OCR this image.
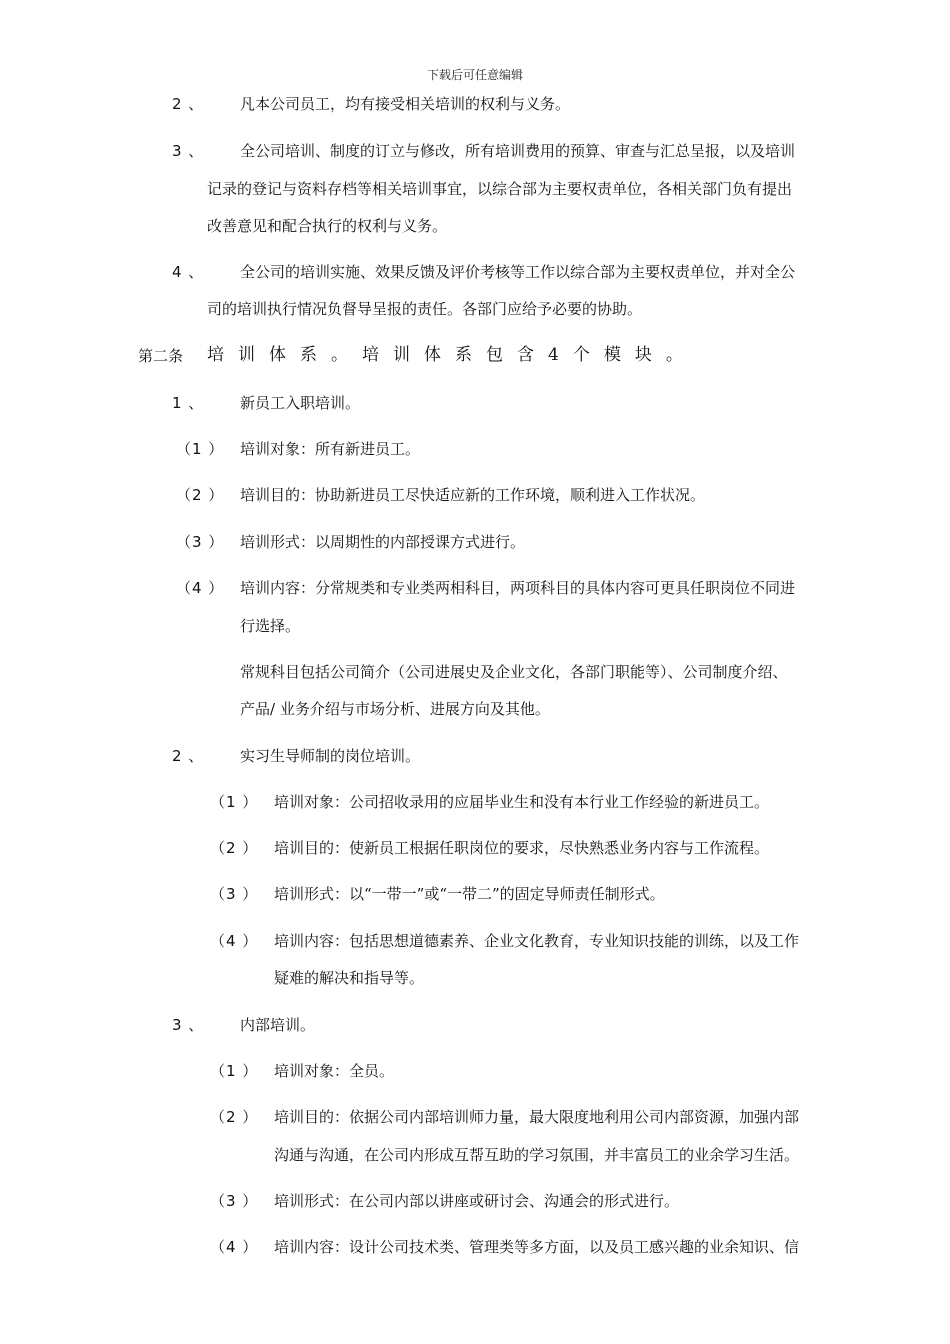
下载后可任意编辑
2 、 凡本公司员工，均有接受相关培训的权利与义务。
3 、 全公司培训、制度的订立与修改，所有培训费用的预算、审查与汇总呈报，以及培训
记录的登记与资料存档等相关培训事宜，以综合部为主要权责单位，各相关部门负有提出
改善意见和配合执行的权利与义务。
4 、 全公司的培训实施、效果反馈及评价考核等工作以综合部为主要权责单位，并对全公
司的培训执行情况负督导呈报的责任。各部门应给予必要的协助。
第二条 培训体系。培训体系包含4个模块。
1 、 新员工入职培训。
（1 ） 培训对象：所有新进员工。
（2 ） 培训目的：协助新进员工尽快适应新的工作环境，顺利进入工作状况。
（3 ） 培训形式：以周期性的内部授课方式进行。
（4 ） 培训内容：分常规类和专业类两相科目，两项科目的具体内容可更具任职岗位不同进
行选择。
常规科目包括公司简介（公司进展史及企业文化，各部门职能等）、公司制度介绍、
产品/ 业务介绍与市场分析、进展方向及其他。
2 、 实习生导师制的岗位培训。
（1 ） 培训对象：公司招收录用的应届毕业生和没有本行业工作经验的新进员工。
（2 ） 培训目的：使新员工根据任职岗位的要求，尽快熟悉业务内容与工作流程。
（3 ） 培训形式：以“一带一”或“一带二”的固定导师责任制形式。
（4 ） 培训内容：包括思想道德素养、企业文化教育，专业知识技能的训练，以及工作
疑难的解决和指导等。
3 、 内部培训。
（1 ） 培训对象：全员。
（2 ） 培训目的：依据公司内部培训师力量，最大限度地利用公司内部资源，加强内部
沟通与沟通，在公司内形成互帮互助的学习氛围，并丰富员工的业余学习生活。
（3 ） 培训形式：在公司内部以讲座或研讨会、沟通会的形式进行。
（4 ） 培训内容：设计公司技术类、管理类等多方面，以及员工感兴趣的业余知识、信
